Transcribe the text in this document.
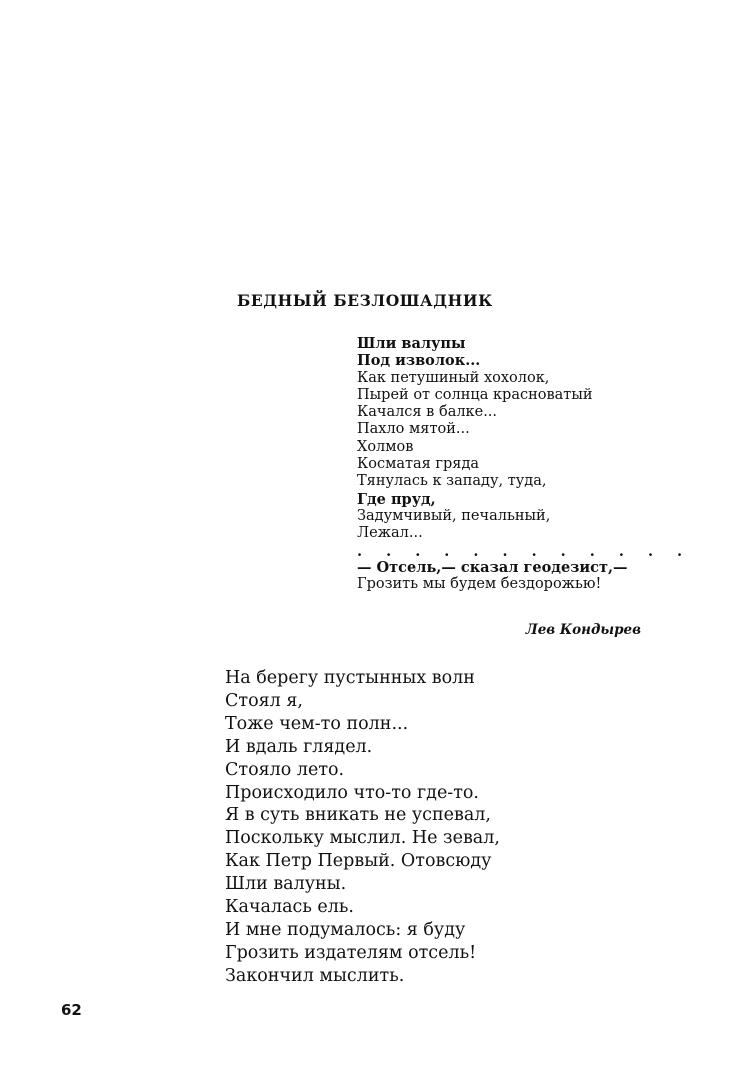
БЕДНЫЙ БЕЗЛОШАДНИК
Шли валупы
Под изволок...
Как петушиный хохолок,
Пырей от солнца красноватый
Качался в балке...
Пахло мятой...
Холмов
Косматая гряда
Тянулась к западу, туда,
Где пруд,
Задумчивый, печальный,
Лежал...
. . . . . . . . . . . .
— Отсель,— сказал геодезист,—
Грозить мы будем бездорожью!
Лев Кондырев
На берегу пустынных волн
Стоял я,
Тоже чем-то полн...
И вдаль глядел.
Стояло лето.
Происходило что-то где-то.
Я в суть вникать не успевал,
Поскольку мыслил. Не зевал,
Как Петр Первый. Отовсюду
Шли валуны.
Качалась ель.
И мне подумалось: я буду
Грозить издателям отсель!
Закончил мыслить.
62
